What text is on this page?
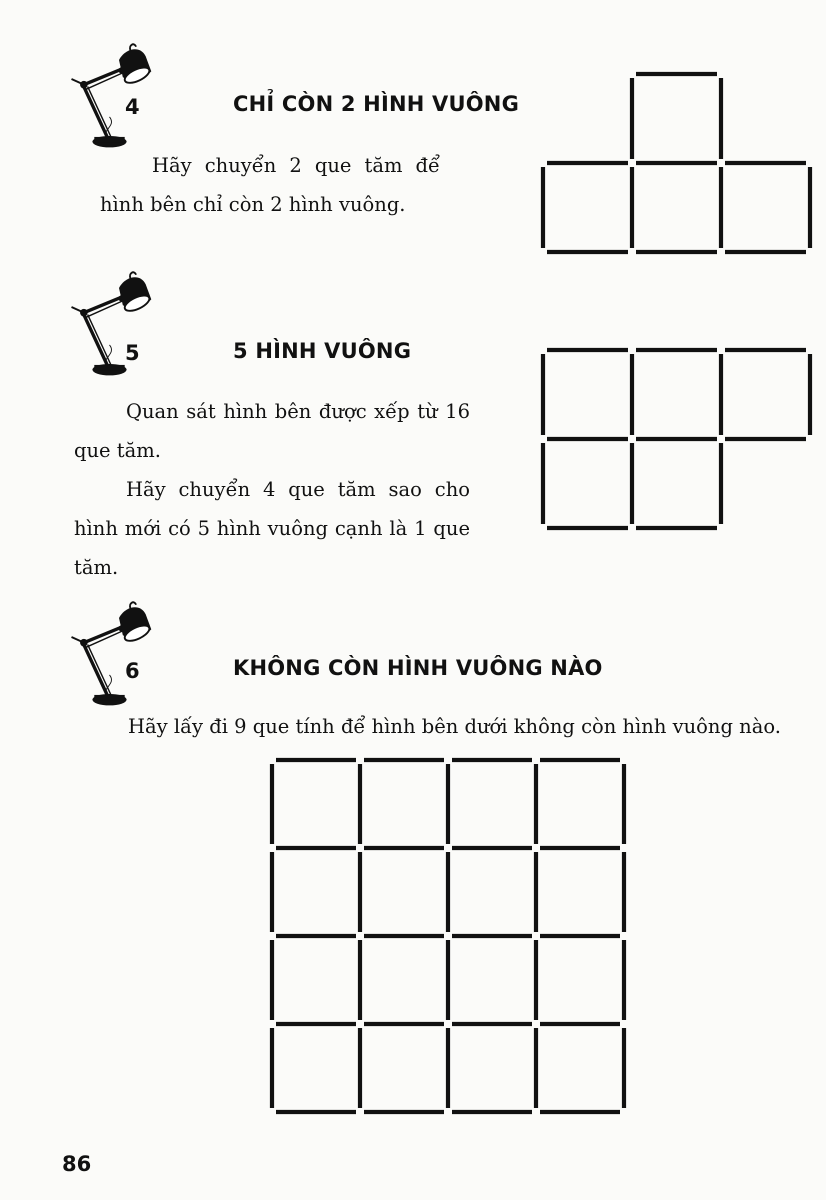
4	CHỈ CÒN 2 HÌNH VUÔNG

Hãy chuyển 2 que tăm để hình bên chỉ còn 2 hình vuông.

5	5 HÌNH VUÔNG

Quan sát hình bên được xếp từ 16 que tăm.

Hãy chuyển 4 que tăm sao cho hình mới có 5 hình vuông cạnh là 1 que tăm.

6	KHÔNG CÒN HÌNH VUÔNG NÀO

Hãy lấy đi 9 que tính để hình bên dưới không còn hình vuông nào.

86
